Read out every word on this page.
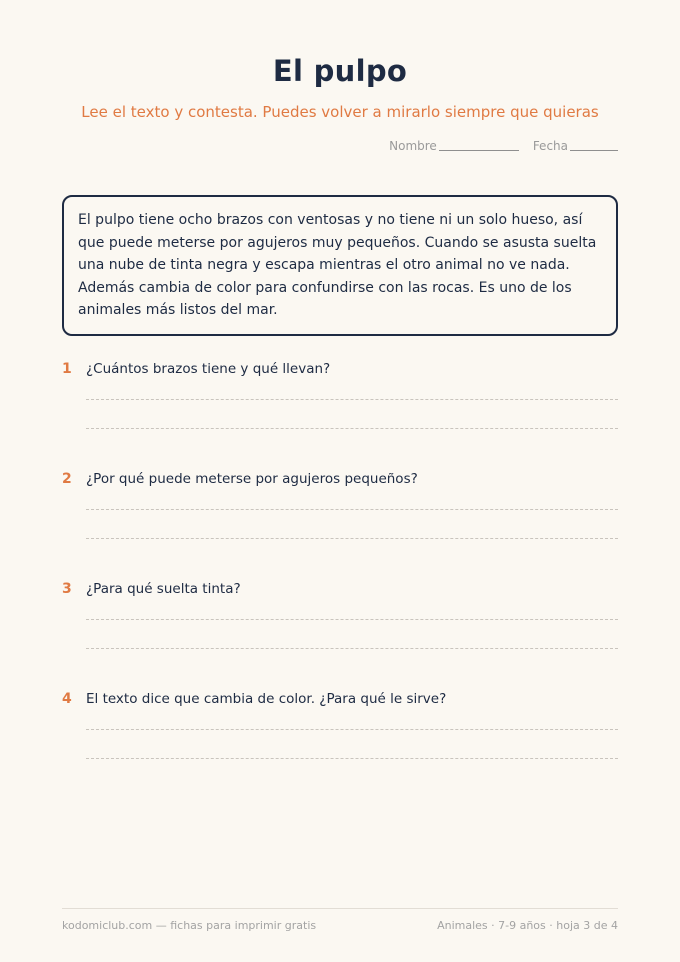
El pulpo
Lee el texto y contesta. Puedes volver a mirarlo siempre que quieras
Nombre	Fecha
El pulpo tiene ocho brazos con ventosas y no tiene ni un solo hueso, así que puede meterse por agujeros muy pequeños. Cuando se asusta suelta una nube de tinta negra y escapa mientras el otro animal no ve nada. Además cambia de color para confundirse con las rocas. Es uno de los animales más listos del mar.
1	¿Cuántos brazos tiene y qué llevan?
2	¿Por qué puede meterse por agujeros pequeños?
3	¿Para qué suelta tinta?
4	El texto dice que cambia de color. ¿Para qué le sirve?
kodomiclub.com — fichas para imprimir gratis	Animales · 7-9 años · hoja 3 de 4
